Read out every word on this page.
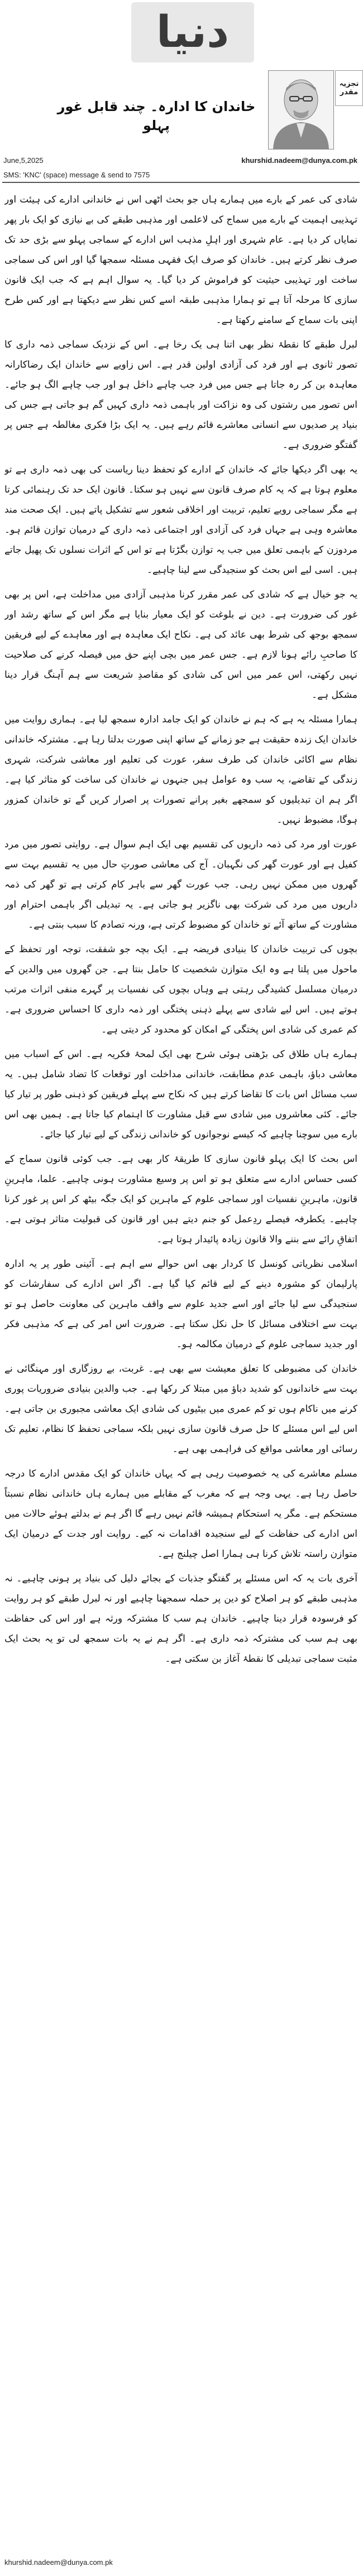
دنیا
تجزیہ
مقدر
خاندان کا ادارہ۔ چند قابل غور پہلو
khurshid.nadeem@dunya.com.pk
June,5,2025
SMS: 'KNC' (space) message & send to 7575

شادی کی عمر کے بارے میں ہمارے ہاں جو بحث اٹھی اس نے خاندانی ادارے کی ہیئت اور تہذیبی اہمیت کے بارے میں سماج کی لاعلمی اور مذہبی طبقے کی بے نیازی کو ایک بار پھر نمایاں کر دیا ہے۔ عام شہری اور اہلِ مذہب اس ادارے کے سماجی پہلو سے بڑی حد تک صرف نظر کرتے ہیں۔ خاندان کو صرف ایک فقہی مسئلہ سمجھا گیا اور اس کی سماجی ساخت اور تہذیبی حیثیت کو فراموش کر دیا گیا۔ یہ سوال اہم ہے کہ جب ایک قانون سازی کا مرحلہ آتا ہے تو ہمارا مذہبی طبقہ اسے کس نظر سے دیکھتا ہے اور کس طرح اپنی بات سماج کے سامنے رکھتا ہے۔

لبرل طبقے کا نقطۂ نظر بھی اتنا ہی یک رخا ہے۔ اس کے نزدیک سماجی ذمہ داری کا تصور ثانوی ہے اور فرد کی آزادی اولین قدر ہے۔ اس زاویے سے خاندان ایک رضاکارانہ معاہدہ بن کر رہ جاتا ہے جس میں فرد جب چاہے داخل ہو اور جب چاہے الگ ہو جائے۔ اس تصور میں رشتوں کی وہ نزاکت اور باہمی ذمہ داری کہیں گم ہو جاتی ہے جس کی بنیاد پر صدیوں سے انسانی معاشرے قائم رہے ہیں۔ یہ ایک بڑا فکری مغالطہ ہے جس پر گفتگو ضروری ہے۔

یہ بھی اگر دیکھا جائے کہ خاندان کے ادارے کو تحفظ دینا ریاست کی بھی ذمہ داری ہے تو معلوم ہوتا ہے کہ یہ کام صرف قانون سے نہیں ہو سکتا۔ قانون ایک حد تک رہنمائی کرتا ہے مگر سماجی رویے تعلیم، تربیت اور اخلاقی شعور سے تشکیل پاتے ہیں۔ ایک صحت مند معاشرہ وہی ہے جہاں فرد کی آزادی اور اجتماعی ذمہ داری کے درمیان توازن قائم ہو۔ مردوزن کے باہمی تعلق میں جب یہ توازن بگڑتا ہے تو اس کے اثرات نسلوں تک پھیل جاتے ہیں۔ اسی لیے اس بحث کو سنجیدگی سے لینا چاہیے۔

یہ جو خیال ہے کہ شادی کی عمر مقرر کرنا مذہبی آزادی میں مداخلت ہے، اس پر بھی غور کی ضرورت ہے۔ دین نے بلوغت کو ایک معیار بنایا ہے مگر اس کے ساتھ رشد اور سمجھ بوجھ کی شرط بھی عائد کی ہے۔ نکاح ایک معاہدہ ہے اور معاہدے کے لیے فریقین کا صاحبِ رائے ہونا لازم ہے۔ جس عمر میں بچی اپنے حق میں فیصلہ کرنے کی صلاحیت نہیں رکھتی، اس عمر میں اس کی شادی کو مقاصدِ شریعت سے ہم آہنگ قرار دینا مشکل ہے۔

ہمارا مسئلہ یہ ہے کہ ہم نے خاندان کو ایک جامد ادارہ سمجھ لیا ہے۔ ہماری روایت میں خاندان ایک زندہ حقیقت ہے جو زمانے کے ساتھ اپنی صورت بدلتا رہا ہے۔ مشترکہ خاندانی نظام سے اکائی خاندان کی طرف سفر، عورت کی تعلیم اور معاشی شرکت، شہری زندگی کے تقاضے، یہ سب وہ عوامل ہیں جنہوں نے خاندان کی ساخت کو متاثر کیا ہے۔ اگر ہم ان تبدیلیوں کو سمجھے بغیر پرانے تصورات پر اصرار کریں گے تو خاندان کمزور ہوگا، مضبوط نہیں۔

عورت اور مرد کی ذمہ داریوں کی تقسیم بھی ایک اہم سوال ہے۔ روایتی تصور میں مرد کفیل ہے اور عورت گھر کی نگہبان۔ آج کی معاشی صورتِ حال میں یہ تقسیم بہت سے گھروں میں ممکن نہیں رہی۔ جب عورت گھر سے باہر کام کرتی ہے تو گھر کی ذمہ داریوں میں مرد کی شرکت بھی ناگزیر ہو جاتی ہے۔ یہ تبدیلی اگر باہمی احترام اور مشاورت کے ساتھ آئے تو خاندان کو مضبوط کرتی ہے، ورنہ تصادم کا سبب بنتی ہے۔

بچوں کی تربیت خاندان کا بنیادی فریضہ ہے۔ ایک بچہ جو شفقت، توجہ اور تحفظ کے ماحول میں پلتا ہے وہ ایک متوازن شخصیت کا حامل بنتا ہے۔ جن گھروں میں والدین کے درمیان مسلسل کشیدگی رہتی ہے وہاں بچوں کی نفسیات پر گہرے منفی اثرات مرتب ہوتے ہیں۔ اس لیے شادی سے پہلے ذہنی پختگی اور ذمہ داری کا احساس ضروری ہے۔ کم عمری کی شادی اس پختگی کے امکان کو محدود کر دیتی ہے۔

ہمارے ہاں طلاق کی بڑھتی ہوئی شرح بھی ایک لمحۂ فکریہ ہے۔ اس کے اسباب میں معاشی دباؤ، باہمی عدم مطابقت، خاندانی مداخلت اور توقعات کا تضاد شامل ہیں۔ یہ سب مسائل اس بات کا تقاضا کرتے ہیں کہ نکاح سے پہلے فریقین کو ذہنی طور پر تیار کیا جائے۔ کئی معاشروں میں شادی سے قبل مشاورت کا اہتمام کیا جاتا ہے۔ ہمیں بھی اس بارے میں سوچنا چاہیے کہ کیسے نوجوانوں کو خاندانی زندگی کے لیے تیار کیا جائے۔

اس بحث کا ایک پہلو قانون سازی کا طریقۂ کار بھی ہے۔ جب کوئی قانون سماج کے کسی حساس ادارے سے متعلق ہو تو اس پر وسیع مشاورت ہونی چاہیے۔ علما، ماہرینِ قانون، ماہرینِ نفسیات اور سماجی علوم کے ماہرین کو ایک جگہ بیٹھ کر اس پر غور کرنا چاہیے۔ یکطرفہ فیصلے ردِعمل کو جنم دیتے ہیں اور قانون کی قبولیت متاثر ہوتی ہے۔ اتفاقِ رائے سے بننے والا قانون زیادہ پائیدار ہوتا ہے۔

اسلامی نظریاتی کونسل کا کردار بھی اس حوالے سے اہم ہے۔ آئینی طور پر یہ ادارہ پارلیمان کو مشورہ دینے کے لیے قائم کیا گیا ہے۔ اگر اس ادارے کی سفارشات کو سنجیدگی سے لیا جائے اور اسے جدید علوم سے واقف ماہرین کی معاونت حاصل ہو تو بہت سے اختلافی مسائل کا حل نکل سکتا ہے۔ ضرورت اس امر کی ہے کہ مذہبی فکر اور جدید سماجی علوم کے درمیان مکالمہ ہو۔

خاندان کی مضبوطی کا تعلق معیشت سے بھی ہے۔ غربت، بے روزگاری اور مہنگائی نے بہت سے خاندانوں کو شدید دباؤ میں مبتلا کر رکھا ہے۔ جب والدین بنیادی ضروریات پوری کرنے میں ناکام ہوں تو کم عمری میں بیٹیوں کی شادی ایک معاشی مجبوری بن جاتی ہے۔ اس لیے اس مسئلے کا حل صرف قانون سازی نہیں بلکہ سماجی تحفظ کا نظام، تعلیم تک رسائی اور معاشی مواقع کی فراہمی بھی ہے۔

مسلم معاشرے کی یہ خصوصیت رہی ہے کہ یہاں خاندان کو ایک مقدس ادارے کا درجہ حاصل رہا ہے۔ یہی وجہ ہے کہ مغرب کے مقابلے میں ہمارے ہاں خاندانی نظام نسبتاً مستحکم ہے۔ مگر یہ استحکام ہمیشہ قائم نہیں رہے گا اگر ہم نے بدلتے ہوئے حالات میں اس ادارے کی حفاظت کے لیے سنجیدہ اقدامات نہ کیے۔ روایت اور جدت کے درمیان ایک متوازن راستہ تلاش کرنا ہی ہمارا اصل چیلنج ہے۔

آخری بات یہ کہ اس مسئلے پر گفتگو جذبات کے بجائے دلیل کی بنیاد پر ہونی چاہیے۔ نہ مذہبی طبقے کو ہر اصلاح کو دین پر حملہ سمجھنا چاہیے اور نہ لبرل طبقے کو ہر روایت کو فرسودہ قرار دینا چاہیے۔ خاندان ہم سب کا مشترکہ ورثہ ہے اور اس کی حفاظت بھی ہم سب کی مشترکہ ذمہ داری ہے۔ اگر ہم نے یہ بات سمجھ لی تو یہ بحث ایک مثبت سماجی تبدیلی کا نقطۂ آغاز بن سکتی ہے۔

khurshid.nadeem@dunya.com.pk
